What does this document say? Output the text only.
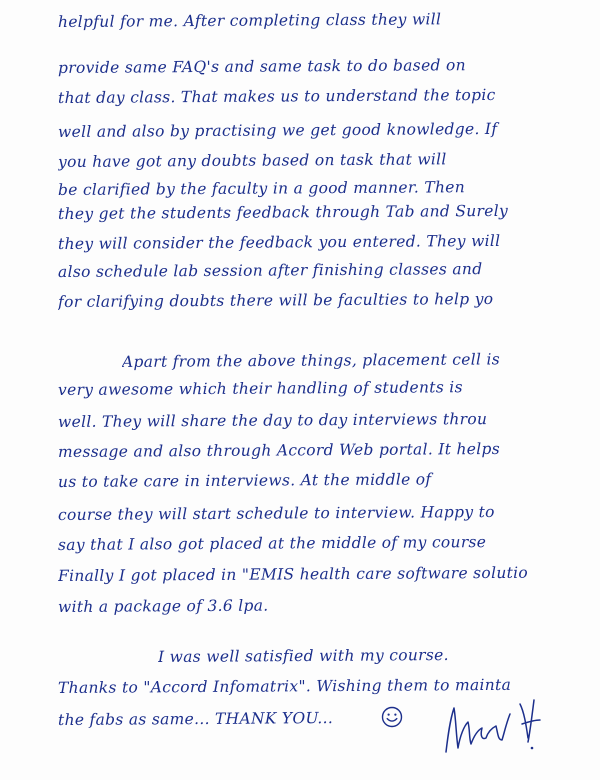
helpful for me. After completing class they will
provide same FAQ's and same task to do based on
that day class. That makes us to understand the topic
well and also by practising we get good knowledge. If
you have got any doubts based on task that will
be clarified by the faculty in a good manner. Then
they get the students feedback through Tab and Surely
they will consider the feedback you entered. They will
also schedule lab session after finishing classes and
for clarifying doubts there will be faculties to help yo
Apart from the above things, placement cell is
very awesome which their handling of students is
well. They will share the day to day interviews throu
message and also through Accord Web portal. It helps
us to take care in interviews. At the middle of
course they will start schedule to interview. Happy to
say that I also got placed at the middle of my course
Finally I got placed in "EMIS health care software solutio
with a package of 3.6 lpa.
I was well satisfied with my course.
Thanks to "Accord Infomatrix". Wishing them to mainta
the fabs as same... THANK YOU...
